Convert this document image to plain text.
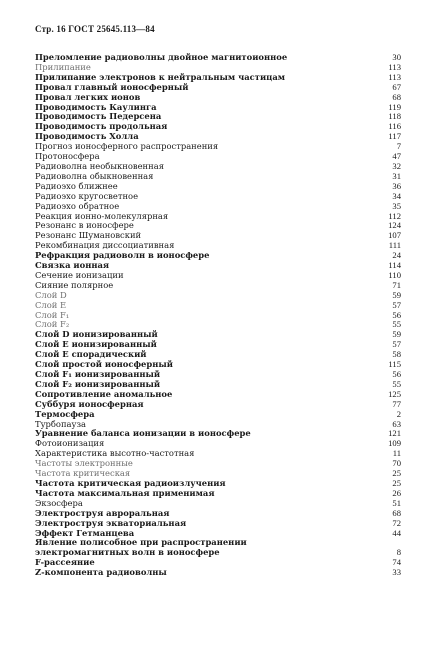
Стр. 16 ГОСТ 25645.113—84
Преломление радиоволны двойное магнитоионное	30
Прилипание	113
Прилипание электронов к нейтральным частицам	113
Провал главный ионосферный	67
Провал легких ионов	68
Проводимость Каулинга	119
Проводимость Педерсена	118
Проводимость продольная	116
Проводимость Холла	117
Прогноз ионосферного распространения	7
Протоносфера	47
Радиоволна необыкновенная	32
Радиоволна обыкновенная	31
Радиоэхо ближнее	36
Радиоэхо кругосветное	34
Радиоэхо обратное	35
Реакция ионно-молекулярная	112
Резонанс в ионосфере	124
Резонанс Шумановский	107
Рекомбинация диссоциативная	111
Рефракция радиоволн в ионосфере	24
Связка ионная	114
Сечение ионизации	110
Сияние полярное	71
Слой D	59
Слой E	57
Слой F₁	56
Слой F₂	55
Слой D ионизированный	59
Слой E ионизированный	57
Слой E спорадический	58
Слой простой ионосферный	115
Слой F₁ ионизированный	56
Слой F₂ ионизированный	55
Сопротивление аномальное	125
Суббуря ионосферная	77
Термосфера	2
Турбопауза	63
Уравнение баланса ионизации в ионосфере	121
Фотоионизация	109
Характеристика высотно-частотная	11
Частоты электронные	70
Частота критическая	25
Частота критическая радиоизлучения	25
Частота максимальная применимая	26
Экзосфера	51
Электроструя авроральная	68
Электроструя экваториальная	72
Эффект Гетманцева	44
Явление полисобное при распространении
электромагнитных волн в ионосфере	8
F-рассеяние	74
Z-компонента радиоволны	33
